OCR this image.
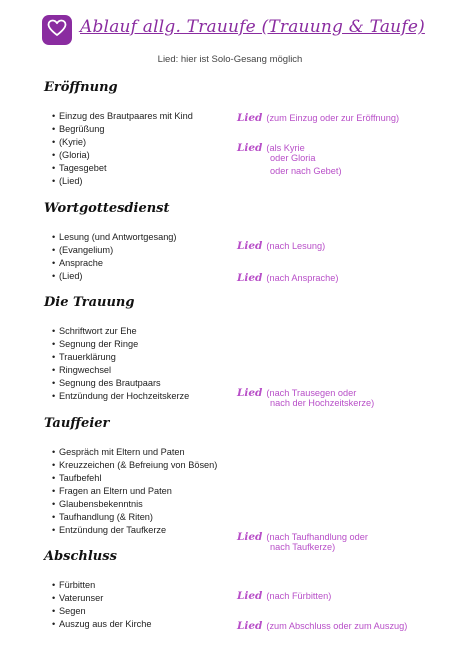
Ablauf allg. Trauufe (Trauung & Taufe)
Lied: hier ist Solo-Gesang möglich
Eröffnung
• Einzug des Brautpaares mit Kind
• Begrüßung
• (Kyrie)
• (Gloria)
• Tagesgebet
• (Lied)
Lied (zum Einzug oder zur Eröffnung)
Lied (als Kyrie
oder Gloria
oder nach Gebet)
Wortgottesdienst
• Lesung (und Antwortgesang)
• (Evangelium)
• Ansprache
• (Lied)
Lied (nach Lesung)
Lied (nach Ansprache)
Die Trauung
• Schriftwort zur Ehe
• Segnung der Ringe
• Trauerklärung
• Ringwechsel
• Segnung des Brautpaars
• Entzündung der Hochzeitskerze	Lied (nach Trausegen oder
nach der Hochzeitskerze)
Tauffeier
• Gespräch mit Eltern und Paten
• Kreuzzeichen (& Befreiung von Bösen)
• Taufbefehl
• Fragen an Eltern und Paten
• Glaubensbekenntnis
• Taufhandlung (& Riten)
• Entzündung der Taufkerze
Lied (nach Taufhandlung oder
nach Taufkerze)
Abschluss
• Fürbitten
• Vaterunser
• Segen
• Auszug aus der Kirche
Lied (nach Fürbitten)
Lied (zum Abschluss oder zum Auszug)
